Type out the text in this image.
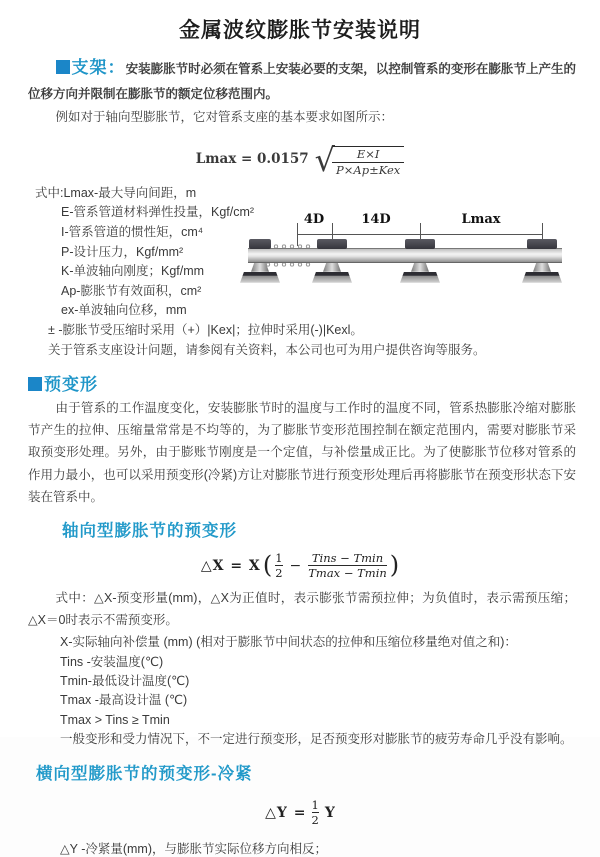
金属波纹膨胀节安装说明

支架：安装膨胀节时必须在管系上安装必要的支架，以控制管系的变形在膨胀节上产生的位移方向并限制在膨胀节的额定位移范围内。

例如对于轴向型膨胀节，它对管系支座的基本要求如图所示：

Lmax = 0.0157 √
$\frac{E\times I}{\text{P×Ap±Kex}}$
式中:Lmax-最大导向间距，m
E-管系管道材料弹性投量，Kgf/cm²
I-管系管道的惯性矩，cm⁴
P-设计压力，Kgf/mm²
K-单波轴向刚度；Kgf/mm
Ap-膨胀节有效面积，cm²
ex-单波轴向位移，mm
± -膨胀节受压缩时采用（+）|Kex|；拉伸时采用(-)|Kexl。
关于管系支座设计问题，请参阅有关资料，本公司也可为用户提供咨询等服务。
4D	14D	Lmax
预变形

由于管系的工作温度变化，安装膨胀节时的温度与工作时的温度不同，管系热膨胀冷缩对膨胀节产生的拉伸、压缩量常常是不均等的，为了膨胀节变形范围控制在额定范围内，需要对膨胀节采取预变形处理。另外，由于膨账节刚度是一个定值，与补偿量成正比。为了使膨胀节位移对管系的作用力最小，也可以采用预变形(冷紧)方让对膨胀节进行预变形处理后再将膨胀节在预变形状态下安装在管系中。

轴向型膨胀节的预变形
△X = X ( $\frac{1}{2} - \frac{\text{Tins − Tmin}}{Tmax - Tmin}$ )

式中：△X-预变形量(mm)，△X为正值时，表示膨张节需预拉伸；为负值时，表示需预压缩；△X＝0时表示不需预变形。

X-实际轴向补偿量 (mm) (相对于膨胀节中间状态的拉伸和压缩位移量绝对值之和)：
Tins -安装温度(℃)
Tmin-最低设计温度(℃)
Tmax -最高设计温 (℃)
Tmax > Tins ≥ Tmin
一般变形和受力情况下，不一定进行预变形，足否预变形对膨胀节的疲劳寿命几乎没有影响。
横向型膨胀节的预变形-冷紧
△Y = $\frac{1}{2}$ Y
△Y -冷紧量(mm)，与膨胀节实际位移方向相反；
